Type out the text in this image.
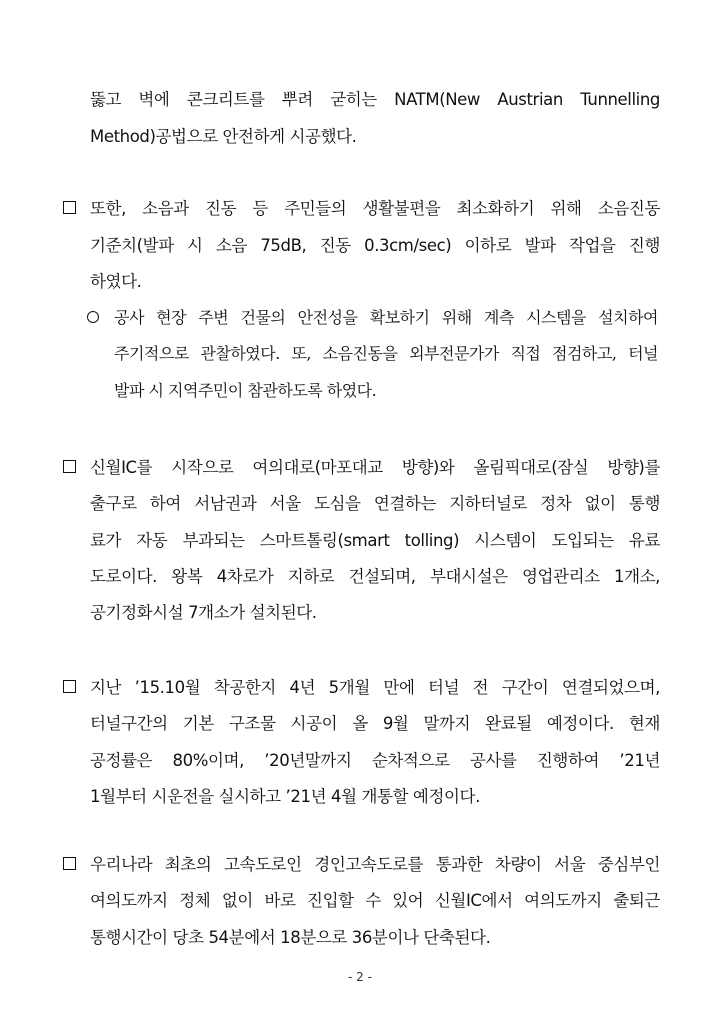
뚫고 벽에 콘크리트를 뿌려 굳히는 NATM(New Austrian Tunnelling
Method)공법으로 안전하게 시공했다.
또한, 소음과 진동 등 주민들의 생활불편을 최소화하기 위해 소음진동
기준치(발파 시 소음 75dB, 진동 0.3cm/sec) 이하로 발파 작업을 진행
하였다.
공사 현장 주변 건물의 안전성을 확보하기 위해 계측 시스템을 설치하여
주기적으로 관찰하였다. 또, 소음진동을 외부전문가가 직접 점검하고, 터널
발파 시 지역주민이 참관하도록 하였다.
신월IC를 시작으로 여의대로(마포대교 방향)와 올림픽대로(잠실 방향)를
출구로 하여 서남권과 서울 도심을 연결하는 지하터널로 정차 없이 통행
료가 자동 부과되는 스마트톨링(smart tolling) 시스템이 도입되는 유료
도로이다. 왕복 4차로가 지하로 건설되며, 부대시설은 영업관리소 1개소,
공기정화시설 7개소가 설치된다.
지난 ’15.10월 착공한지 4년 5개월 만에 터널 전 구간이 연결되었으며,
터널구간의 기본 구조물 시공이 올 9월 말까지 완료될 예정이다. 현재
공정률은 80%이며, ’20년말까지 순차적으로 공사를 진행하여 ’21년
1월부터 시운전을 실시하고 ’21년 4월 개통할 예정이다.
우리나라 최초의 고속도로인 경인고속도로를 통과한 차량이 서울 중심부인
여의도까지 정체 없이 바로 진입할 수 있어 신월IC에서 여의도까지 출퇴근
통행시간이 당초 54분에서 18분으로 36분이나 단축된다.
- 2 -
